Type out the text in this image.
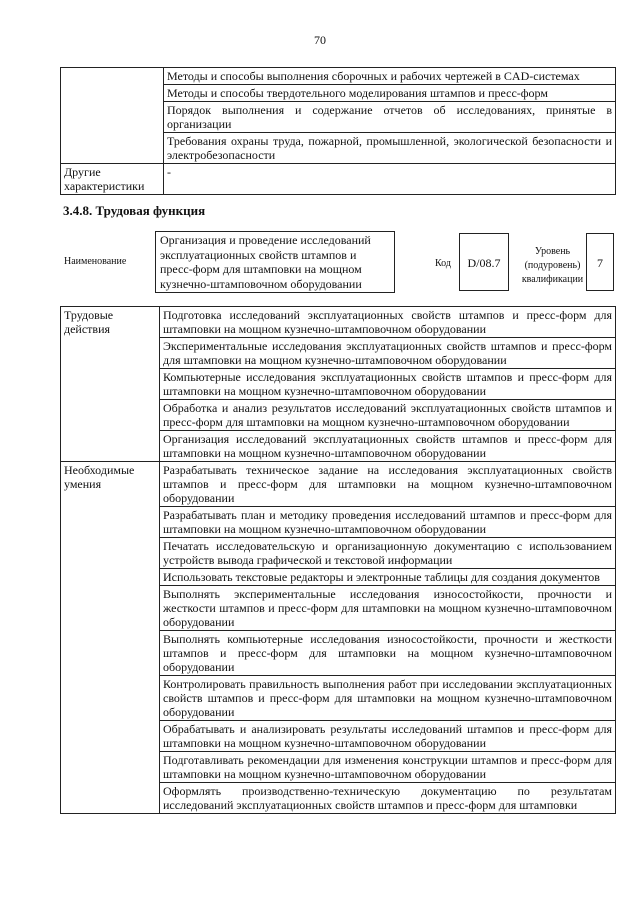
70
	Методы и способы выполнения сборочных и рабочих чертежей в CAD-системах
	Методы и способы твердотельного моделирования штампов и пресс-форм
	Порядок выполнения и содержание отчетов об исследованиях, принятые в организации
	Требования охраны труда, пожарной, промышленной, экологической безопасности и электробезопасности
Другие характеристики	-
3.4.8. Трудовая функция
Наименование
Организация и проведение исследований эксплуатационных свойств штампов и пресс-форм для штамповки на мощном кузнечно-штамповочном оборудовании
Код	D/08.7
Уровень (подуровень) квалификации
7
Трудовые действия	Подготовка исследований эксплуатационных свойств штампов и пресс-форм для штамповки на мощном кузнечно-штамповочном оборудовании
	Экспериментальные исследования эксплуатационных свойств штампов и пресс-форм для штамповки на мощном кузнечно-штамповочном оборудовании
	Компьютерные исследования эксплуатационных свойств штампов и пресс-форм для штамповки на мощном кузнечно-штамповочном оборудовании
	Обработка и анализ результатов исследований эксплуатационных свойств штампов и пресс-форм для штамповки на мощном кузнечно-штамповочном оборудовании
	Организация исследований эксплуатационных свойств штампов и пресс-форм для штамповки на мощном кузнечно-штамповочном оборудовании
Необходимые умения	Разрабатывать техническое задание на исследования эксплуатационных свойств штампов и пресс-форм для штамповки на мощном кузнечно-штамповочном оборудовании
	Разрабатывать план и методику проведения исследований штампов и пресс-форм для штамповки на мощном кузнечно-штамповочном оборудовании
	Печатать исследовательскую и организационную документацию с использованием устройств вывода графической и текстовой информации
	Использовать текстовые редакторы и электронные таблицы для создания документов
	Выполнять экспериментальные исследования износостойкости, прочности и жесткости штампов и пресс-форм для штамповки на мощном кузнечно-штамповочном оборудовании
	Выполнять компьютерные исследования износостойкости, прочности и жесткости штампов и пресс-форм для штамповки на мощном кузнечно-штамповочном оборудовании
	Контролировать правильность выполнения работ при исследовании эксплуатационных свойств штампов и пресс-форм для штамповки на мощном кузнечно-штамповочном оборудовании
	Обрабатывать и анализировать результаты исследований штампов и пресс-форм для штамповки на мощном кузнечно-штамповочном оборудовании
	Подготавливать рекомендации для изменения конструкции штампов и пресс-форм для штамповки на мощном кузнечно-штамповочном оборудовании
	Оформлять производственно-техническую документацию по результатам исследований эксплуатационных свойств штампов и пресс-форм для штамповки
